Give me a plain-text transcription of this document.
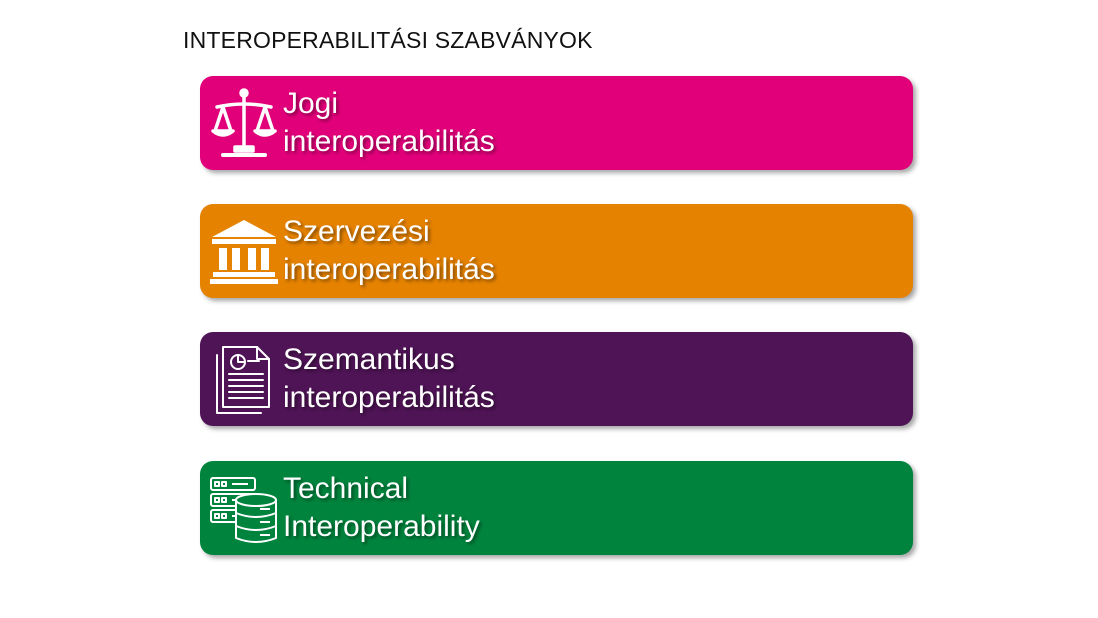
INTEROPERABILITÁSI SZABVÁNYOK
Jogi
interoperabilitás
Szervezési
interoperabilitás
Szemantikus
interoperabilitás
Technical
Interoperability
